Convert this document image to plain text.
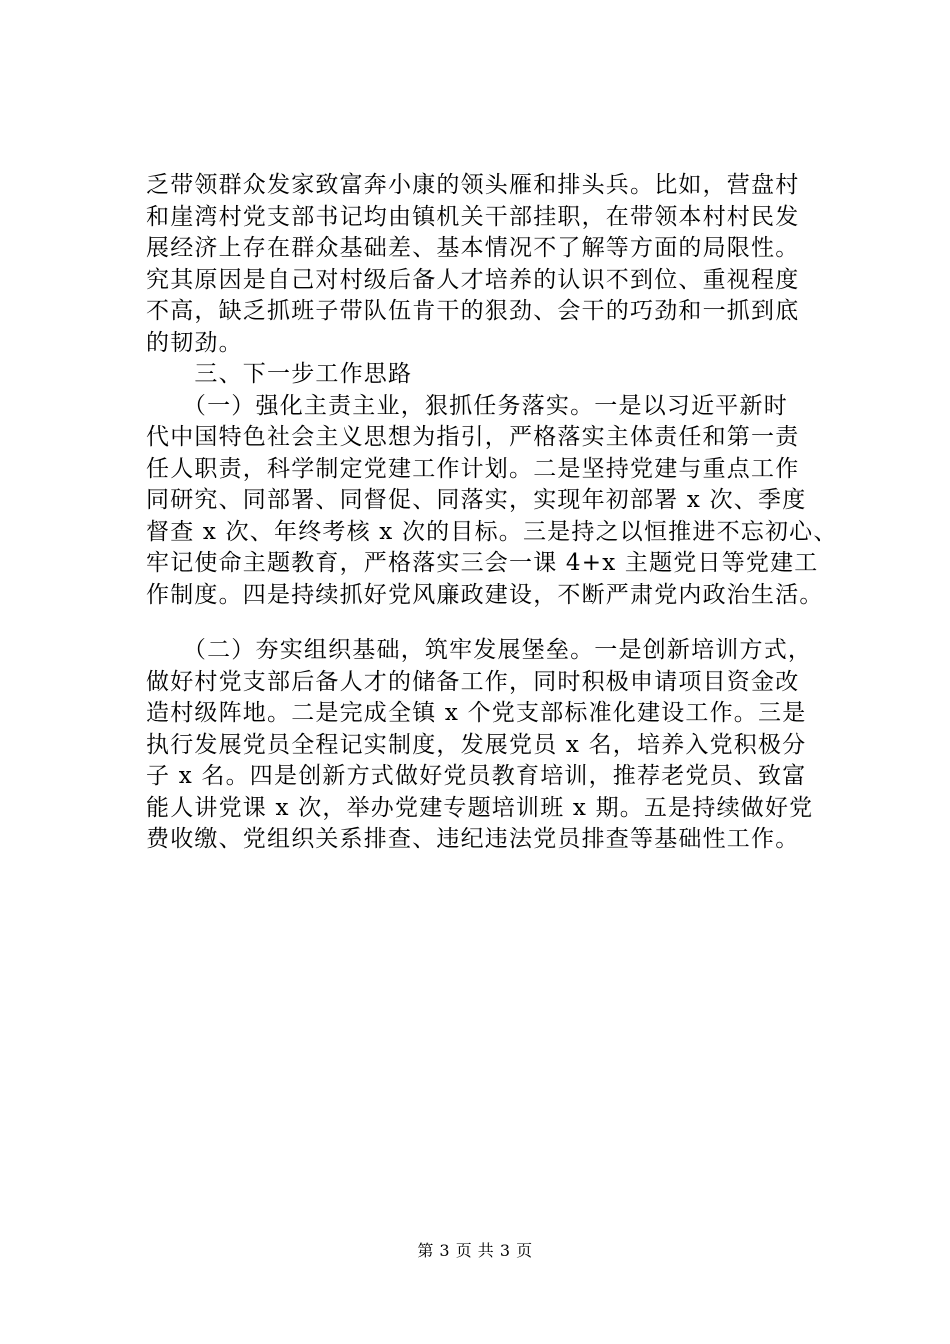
乏带领群众发家致富奔小康的领头雁和排头兵。比如，营盘村
和崖湾村党支部书记均由镇机关干部挂职，在带领本村村民发
展经济上存在群众基础差、基本情况不了解等方面的局限性。
究其原因是自己对村级后备人才培养的认识不到位、重视程度
不高，缺乏抓班子带队伍肯干的狠劲、会干的巧劲和一抓到底
的韧劲。
　　三、下一步工作思路
　　（一）强化主责主业，狠抓任务落实。一是以习近平新时
代中国特色社会主义思想为指引，严格落实主体责任和第一责
任人职责，科学制定党建工作计划。二是坚持党建与重点工作
同研究、同部署、同督促、同落实，实现年初部署 x 次、季度
督查 x 次、年终考核 x 次的目标。三是持之以恒推进不忘初心、
牢记使命主题教育，严格落实三会一课 4+x 主题党日等党建工
作制度。四是持续抓好党风廉政建设，不断严肃党内政治生活。
　　（二）夯实组织基础，筑牢发展堡垒。一是创新培训方式，
做好村党支部后备人才的储备工作，同时积极申请项目资金改
造村级阵地。二是完成全镇 x 个党支部标准化建设工作。三是
执行发展党员全程记实制度，发展党员 x 名，培养入党积极分
子 x 名。四是创新方式做好党员教育培训，推荐老党员、致富
能人讲党课 x 次，举办党建专题培训班 x 期。五是持续做好党
费收缴、党组织关系排查、违纪违法党员排查等基础性工作。
第 3 页 共 3 页
